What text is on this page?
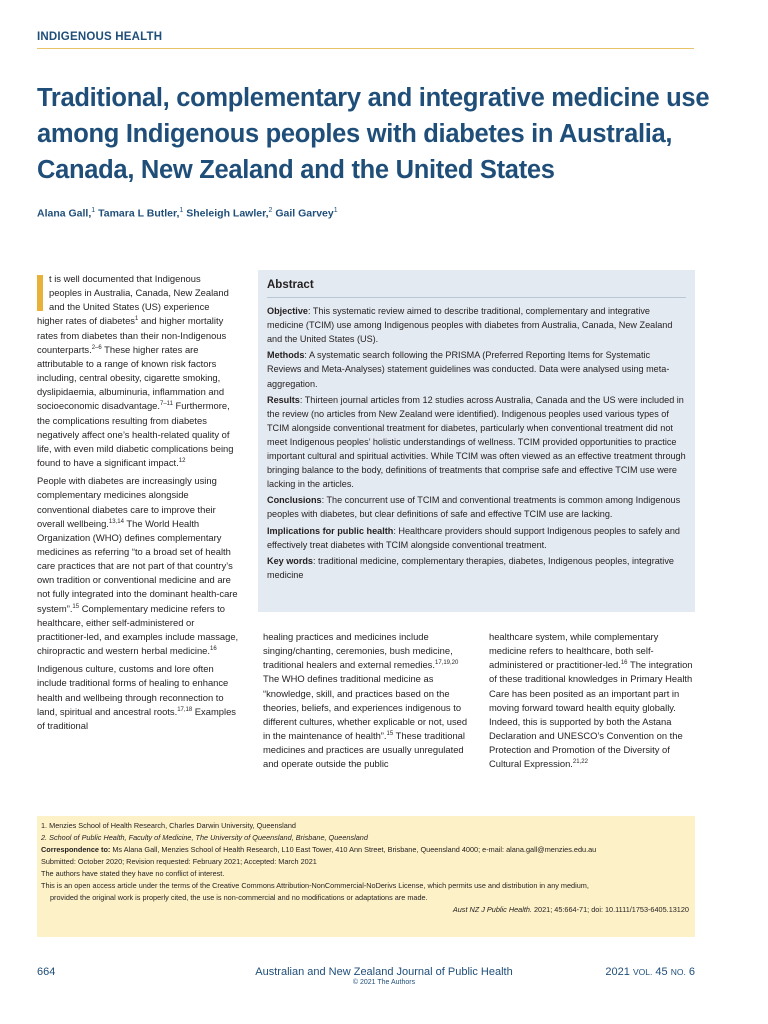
INDIGENOUS HEALTH
Traditional, complementary and integrative medicine use among Indigenous peoples with diabetes in Australia, Canada, New Zealand and the United States
Alana Gall,$^1$ Tamara L Butler,$^1$ Sheleigh Lawler,$^2$ Gail Garvey$^1$

t is well documented that Indigenous
peoples in Australia, Canada, New Zealand
and the United States (US) experience
higher rates of diabetes$^1$ and higher mortality rates from diabetes than their non-Indigenous counterparts.$^{2-6}$ These higher rates are attributable to a range of known risk factors including, central obesity, cigarette smoking, dyslipidaemia, albuminuria, inflammation and socioeconomic disadvantage.$^{7-11}$ Furthermore, the complications resulting from diabetes negatively affect one’s health-related quality of life, with even mild diabetic complications being found to have a significant impact.$^{12}$

People with diabetes are increasingly using complementary medicines alongside conventional diabetes care to improve their overall wellbeing.$^{13,14}$ The World Health Organization (WHO) defines complementary medicines as referring “to a broad set of health care practices that are not part of that country’s own tradition or conventional medicine and are not fully integrated into the dominant health-care system”.$^{15}$ Complementary medicine refers to healthcare, either self-administered or practitioner-led, and examples include massage, chiropractic and western herbal medicine.$^{16}$

Indigenous culture, customs and lore often include traditional forms of healing to enhance health and wellbeing through reconnection to land, spiritual and ancestral roots.$^{17,18}$ Examples of traditional

Abstract

Objective: This systematic review aimed to describe traditional, complementary and integrative medicine (TCIM) use among Indigenous peoples with diabetes from Australia, Canada, New Zealand and the United States (US).

Methods: A systematic search following the PRISMA (Preferred Reporting Items for Systematic Reviews and Meta-Analyses) statement guidelines was conducted. Data were analysed using meta-aggregation.

Results: Thirteen journal articles from 12 studies across Australia, Canada and the US were included in the review (no articles from New Zealand were identified). Indigenous peoples used various types of TCIM alongside conventional treatment for diabetes, particularly when conventional treatment did not meet Indigenous peoples’ holistic understandings of wellness. TCIM provided opportunities to practice important cultural and spiritual activities. While TCIM was often viewed as an effective treatment through bringing balance to the body, definitions of treatments that comprise safe and effective TCIM use were lacking in the articles.

Conclusions: The concurrent use of TCIM and conventional treatments is common among Indigenous peoples with diabetes, but clear definitions of safe and effective TCIM use are lacking.

Implications for public health: Healthcare providers should support Indigenous peoples to safely and effectively treat diabetes with TCIM alongside conventional treatment.

Key words: traditional medicine, complementary therapies, diabetes, Indigenous peoples, integrative medicine

healing practices and medicines include singing/chanting, ceremonies, bush medicine, traditional healers and external remedies.$^{17,19,20}$ The WHO defines traditional medicine as “knowledge, skill, and practices based on the theories, beliefs, and experiences indigenous to different cultures, whether explicable or not, used in the maintenance of health”.$^{15}$ These traditional medicines and practices are usually unregulated and operate outside the public

healthcare system, while complementary medicine refers to healthcare, both self-administered or practitioner-led.$^{16}$ The integration of these traditional knowledges in Primary Health Care has been posited as an important part in moving forward toward health equity globally. Indeed, this is supported by both the Astana Declaration and UNESCO’s Convention on the Protection and Promotion of the Diversity of Cultural Expression.$^{21,22}$

1. Menzies School of Health Research, Charles Darwin University, Queensland

2. School of Public Health, Faculty of Medicine, The University of Queensland, Brisbane, Queensland

Correspondence to: Ms Alana Gall, Menzies School of Health Research, L10 East Tower, 410 Ann Street, Brisbane, Queensland 4000; e-mail: alana.gall@menzies.edu.au

Submitted: October 2020; Revision requested: February 2021; Accepted: March 2021

The authors have stated they have no conflict of interest.

This is an open access article under the terms of the Creative Commons Attribution-NonCommercial-NoDerivs License, which permits use and distribution in any medium,

provided the original work is properly cited, the use is non-commercial and no modifications or adaptations are made.

Aust NZ J Public Health. 2021; 45:664-71; doi: 10.1111/1753-6405.13120

664	Australian and New Zealand Journal of Public Health
© 2021 The Authors
2021 VOL. 45 NO. 6
